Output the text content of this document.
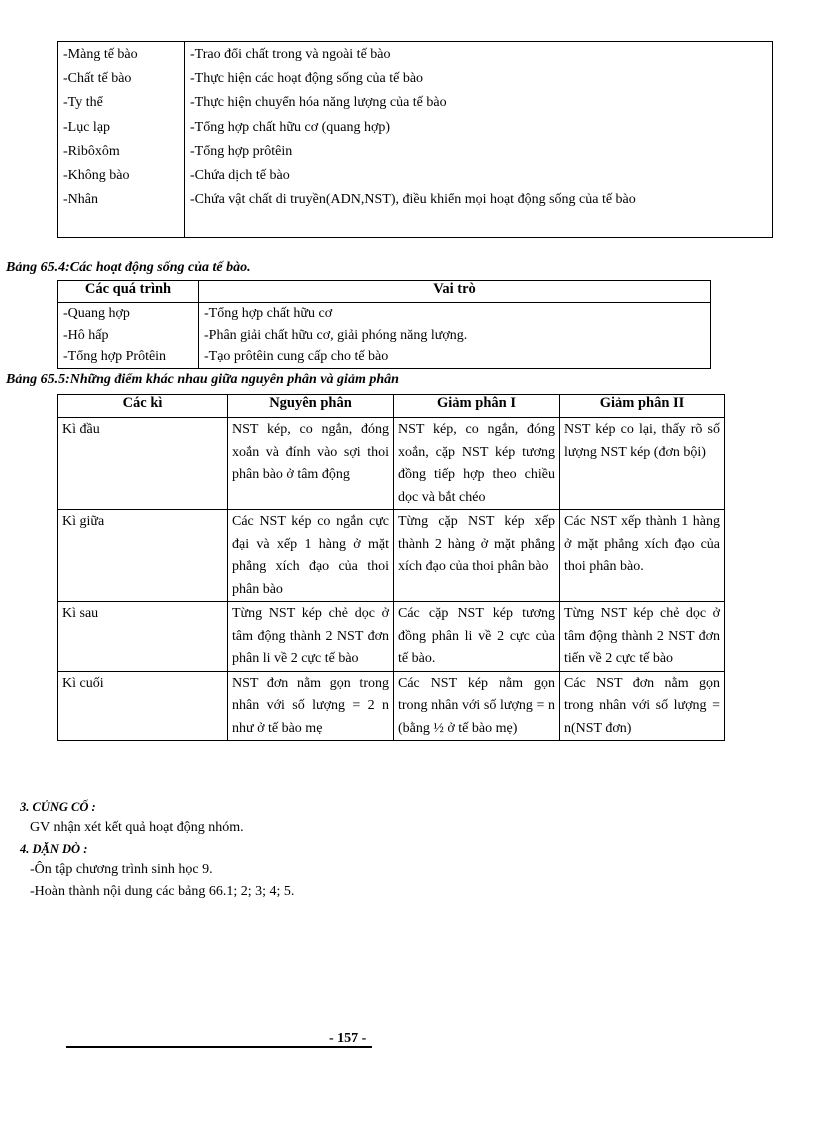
-Màng tế bào	-Trao đổi chất trong và ngoài tế bào
-Chất tế bào	-Thực hiện các hoạt động sống của tế bào
-Ty thể	-Thực hiện chuyển hóa năng lượng của tế bào
-Lục lạp	-Tổng hợp chất hữu cơ (quang hợp)
-Ribôxôm	-Tổng hợp prôtêin
-Không bào	-Chứa dịch tế bào
-Nhân	-Chứa vật chất di truyền(ADN,NST), điều khiển mọi hoạt động sống của tế bào

Bảng 65.4:Các hoạt động sống của tế bào.
Các quá trình	Vai trò
-Quang hợp	-Tổng hợp chất hữu cơ
-Hô hấp	-Phân giải chất hữu cơ, giải phóng năng lượng.
-Tổng hợp Prôtêin	-Tạo prôtêin cung cấp cho tế bào
Bảng 65.5:Những điểm khác nhau giữa nguyên phân và giảm phân
Các kì	Nguyên phân	Giảm phân I	Giảm phân II
Kì đầu	NST kép, co ngắn, đóng xoắn và đính vào sợi thoi phân bào ở tâm động	NST kép, co ngắn, đóng xoắn, cặp NST kép tương đồng tiếp hợp theo chiều dọc và bắt chéo	NST kép co lại, thấy rõ số lượng NST kép (đơn bội)
Kì giữa	Các NST kép co ngắn cực đại và xếp 1 hàng ở mặt phẳng xích đạo của thoi phân bào	Từng cặp NST kép xếp thành 2 hàng ở mặt phẳng xích đạo của thoi phân bào	Các NST xếp thành 1 hàng ở mặt phẳng xích đạo của thoi phân bào.
Kì sau	Từng NST kép chẻ dọc ở tâm động thành 2 NST đơn phân li về 2 cực tế bào	Các cặp NST kép tương đồng phân li về 2 cực của tế bào.	Từng NST kép chẻ dọc ở tâm động thành 2 NST đơn tiến về 2 cực tế bào
Kì cuối	NST đơn nằm gọn trong nhân với số lượng = 2 n như ở tế bào mẹ	Các NST kép nằm gọn trong nhân với số lượng = n (bằng ½ ở tế bào mẹ)	Các NST đơn nằm gọn trong nhân với số lượng = n(NST đơn)
3. CỦNG CỐ :
GV nhận xét kết quả hoạt động nhóm.
4. DẶN DÒ :
-Ôn tập chương trình sinh học 9.
-Hoàn thành nội dung các bảng 66.1; 2; 3; 4; 5.
- 157 -
